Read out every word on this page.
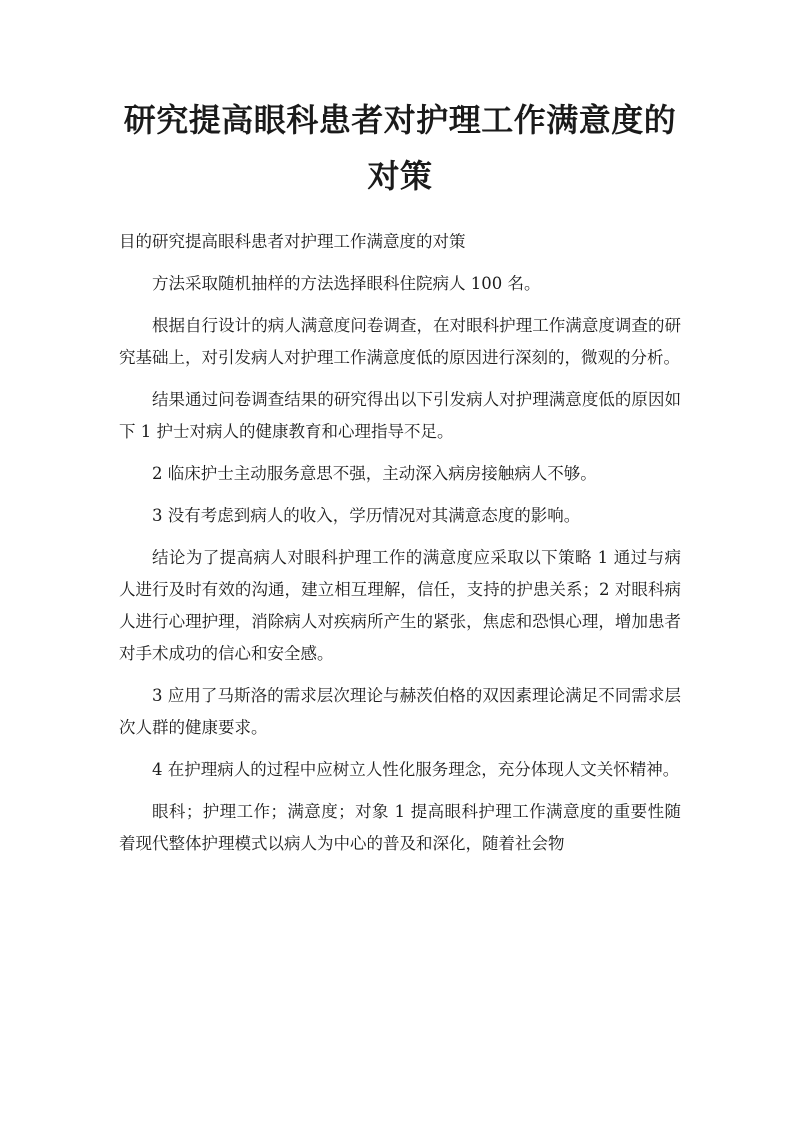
研究提高眼科患者对护理工作满意度的对策

目的研究提高眼科患者对护理工作满意度的对策

方法采取随机抽样的方法选择眼科住院病人 100 名。

根据自行设计的病人满意度问卷调查，在对眼科护理工作满意度调查的研究基础上，对引发病人对护理工作满意度低的原因进行深刻的，微观的分析。

结果通过问卷调查结果的研究得出以下引发病人对护理满意度低的原因如下 1 护士对病人的健康教育和心理指导不足。

2 临床护士主动服务意思不强，主动深入病房接触病人不够。

3 没有考虑到病人的收入，学历情况对其满意态度的影响。

结论为了提高病人对眼科护理工作的满意度应采取以下策略 1 通过与病人进行及时有效的沟通，建立相互理解，信任，支持的护患关系；2 对眼科病人进行心理护理，消除病人对疾病所产生的紧张，焦虑和恐惧心理，增加患者对手术成功的信心和安全感。

3 应用了马斯洛的需求层次理论与赫茨伯格的双因素理论满足不同需求层次人群的健康要求。

4 在护理病人的过程中应树立人性化服务理念，充分体现人文关怀精神。

眼科；护理工作；满意度；对象 1 提高眼科护理工作满意度的重要性随着现代整体护理模式以病人为中心的普及和深化，随着社会物
